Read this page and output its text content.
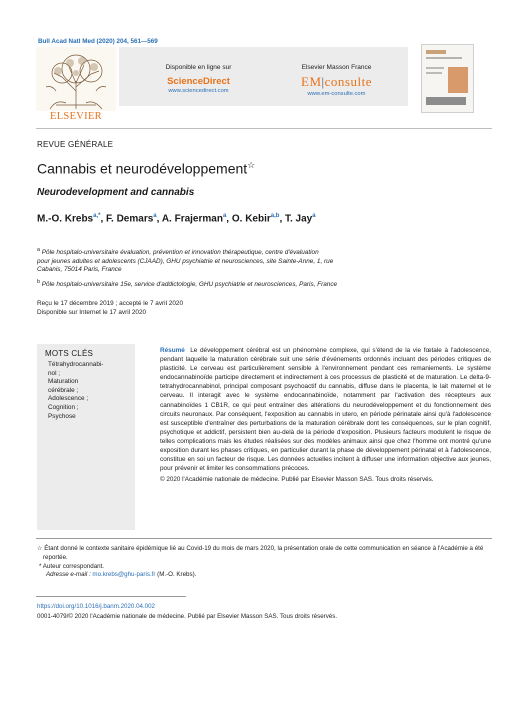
Bull Acad Natl Med (2020) 204, 561—569
ELSEVIER
Disponible en ligne sur
ScienceDirect
www.sciencedirect.com
Elsevier Masson France
EM|consulte
www.em-consulte.com
REVUE GÉNÉRALE
Cannabis et neurodéveloppement☆
Neurodevelopment and cannabis
M.-O. Krebs$^{a,*}$, F. Demars$^a$, A. Frajerman$^a$, O. Kebir$^{a,b}$, T. Jay$^a$
$^a$ Pôle hospitalo-universitaire évaluation, prévention et innovation thérapeutique, centre d'évaluation
pour jeunes adultes et adolescents (CJAAD), GHU psychiatrie et neurosciences, site Sainte-Anne, 1, rue
Cabanis, 75014 Paris, France
$^b$ Pôle hospitalo-universitaire 15e, service d'addictologie, GHU psychiatrie et neurosciences, Paris, France
Reçu le 17 décembre 2019 ; accepté le 7 avril 2020
Disponible sur Internet le 17 avril 2020
MOTS CLÉS
Tétrahydrocannabi-
nol ;
Maturation
cérébrale ;
Adolescence ;
Cognition ;
Psychose
Résumé Le développement cérébral est un phénomène complexe, qui s'étend de la vie fœtale à l'adolescence, pendant laquelle la maturation cérébrale suit une série d'événements ordonnés incluant des périodes critiques de plasticité. Le cerveau est particulièrement sensible à l'environnement pendant ces remaniements. Le système endocannabinoïde participe directement et indirectement à ces processus de plasticité et de maturation. Le delta-9-tetrahydrocannabinol, principal composant psychoactif du cannabis, diffuse dans le placenta, le lait maternel et le cerveau. Il interagit avec le système endocannabinoïde, notamment par l'activation des récepteurs aux cannabinoïdes 1 CB1R, ce qui peut entraîner des altérations du neurodéveloppement et du fonctionnement des circuits neuronaux. Par conséquent, l'exposition au cannabis in utero, en période périnatale ainsi qu'à l'adolescence est susceptible d'entraîner des perturbations de la maturation cérébrale dont les conséquences, sur le plan cognitif, psychotique et addictif, persistent bien au-delà de la période d'exposition. Plusieurs facteurs modulent le risque de telles complications mais les études réalisées sur des modèles animaux ainsi que chez l'homme ont montré qu'une exposition durant les phases critiques, en particulier durant la phase de développement périnatal et à l'adolescence, constitue en soi un facteur de risque. Les données actuelles incitent à diffuser une information objective aux jeunes, pour prévenir et limiter les consommations précoces.
© 2020 l'Académie nationale de médecine. Publié par Elsevier Masson SAS. Tous droits réservés.
☆ Étant donné le contexte sanitaire épidémique lié au Covid-19 du mois de mars 2020, la présentation orale de cette communication en séance à l'Académie a été reportée.
* Auteur correspondant.
Adresse e-mail : mo.krebs@ghu-paris.fr (M.-O. Krebs).
https://doi.org/10.1016/j.banm.2020.04.002
0001-4079/© 2020 l'Académie nationale de médecine. Publié par Elsevier Masson SAS. Tous droits réservés.
